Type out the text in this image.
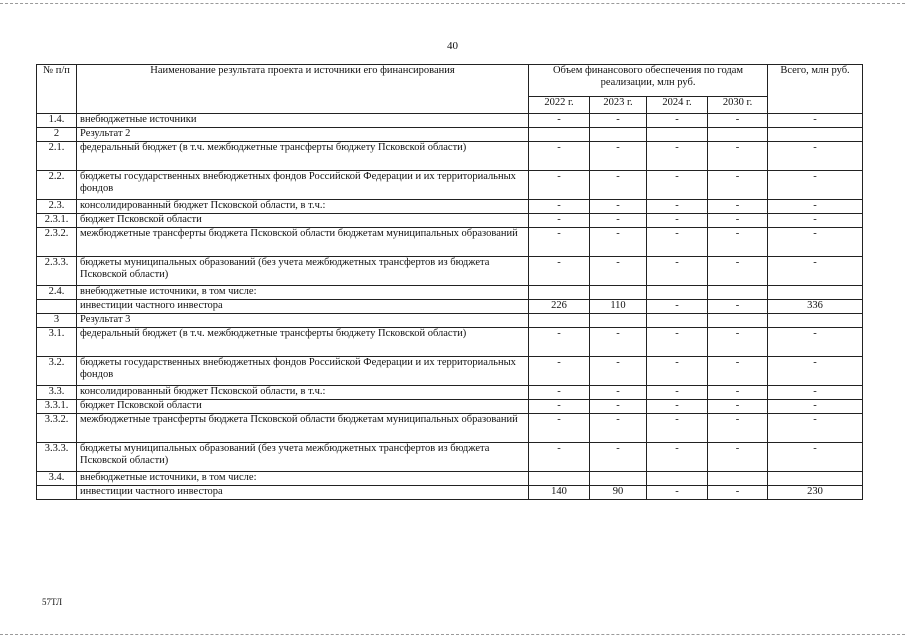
40
№ п/п	Наименование результата проекта и источники его финансирования	Объем финансового обеспечения по годам реализации, млн руб.				Всего, млн руб.
		2022 г.	2023 г.	2024 г.	2030 г.	
1.4.	внебюджетные источники	-	-	-	-	-
2	Результат 2					
2.1.	федеральный бюджет (в т.ч. межбюджетные трансферты бюджету Псковской области)	-	-	-	-	-
2.2.	бюджеты государственных внебюджетных фондов Российской Федерации и их территориальных фондов	-	-	-	-	-
2.3.	консолидированный бюджет Псковской области, в т.ч.:	-	-	-	-	-
2.3.1.	бюджет Псковской области	-	-	-	-	-
2.3.2.	межбюджетные трансферты бюджета Псковской области бюджетам муниципальных образований	-	-	-	-	-
2.3.3.	бюджеты муниципальных образований (без учета межбюджетных трансфертов из бюджета Псковской области)	-	-	-	-	-
2.4.	внебюджетные источники, в том числе:					
	инвестиции частного инвестора	226	110	-	-	336
3	Результат 3					
3.1.	федеральный бюджет (в т.ч. межбюджетные трансферты бюджету Псковской области)	-	-	-	-	-
3.2.	бюджеты государственных внебюджетных фондов Российской Федерации и их территориальных фондов	-	-	-	-	-
3.3.	консолидированный бюджет Псковской области, в т.ч.:	-	-	-	-	-
3.3.1.	бюджет Псковской области	-	-	-	-	-
3.3.2.	межбюджетные трансферты бюджета Псковской области бюджетам муниципальных образований	-	-	-	-	-
3.3.3.	бюджеты муниципальных образований (без учета межбюджетных трансфертов из бюджета Псковской области)	-	-	-	-	-
3.4.	внебюджетные источники, в том числе:					
	инвестиции частного инвестора	140	90	-	-	230
57ТЛ
